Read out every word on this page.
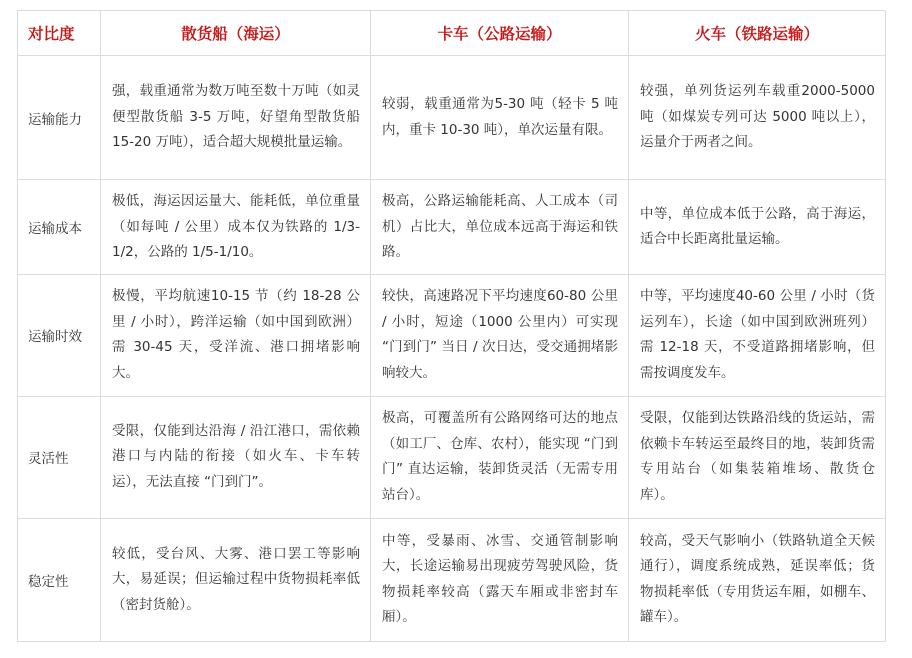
对比度	散货船（海运）	卡车（公路运输）	火车（铁路运输）
运输能力	强，载重通常为数万吨至数十万吨（如灵便型散货船 3-5 万吨，好望角型散货船 15-20 万吨），适合超大规模批量运输。	较弱，载重通常为5-30 吨（轻卡 5 吨内，重卡 10-30 吨），单次运量有限。	较强，单列货运列车载重2000-5000 吨（如煤炭专列可达 5000 吨以上），运量介于两者之间。

运输成本	极低，海运因运量大、能耗低，单位重量（如每吨 / 公里）成本仅为铁路的 1/3-1/2，公路的 1/5-1/10。	极高，公路运输能耗高、人工成本（司机）占比大，单位成本远高于海运和铁路。	中等，单位成本低于公路，高于海运，适合中长距离批量运输。

运输时效	极慢，平均航速10-15 节（约 18-28 公里 / 小时），跨洋运输（如中国到欧洲）需 30-45 天，受洋流、港口拥堵影响大。	较快，高速路况下平均速度60-80 公里 / 小时，短途（1000 公里内）可实现 “门到门” 当日 / 次日达，受交通拥堵影响较大。	中等，平均速度40-60 公里 / 小时（货运列车），长途（如中国到欧洲班列）需 12-18 天，不受道路拥堵影响，但需按调度发车。

灵活性	受限，仅能到达沿海 / 沿江港口，需依赖港口与内陆的衔接（如火车、卡车转运），无法直接 “门到门”。	极高，可覆盖所有公路网络可达的地点（如工厂、仓库、农村），能实现 “门到门” 直达运输，装卸货灵活（无需专用站台）。	受限，仅能到达铁路沿线的货运站，需依赖卡车转运至最终目的地，装卸货需专用站台（如集装箱堆场、散货仓库）。

稳定性	较低，受台风、大雾、港口罢工等影响大，易延误；但运输过程中货物损耗率低（密封货舱）。	中等，受暴雨、冰雪、交通管制影响大，长途运输易出现疲劳驾驶风险，货物损耗率较高（露天车厢或非密封车厢）。	较高，受天气影响小（铁路轨道全天候通行），调度系统成熟，延误率低；货物损耗率低（专用货运车厢，如棚车、罐车）。
